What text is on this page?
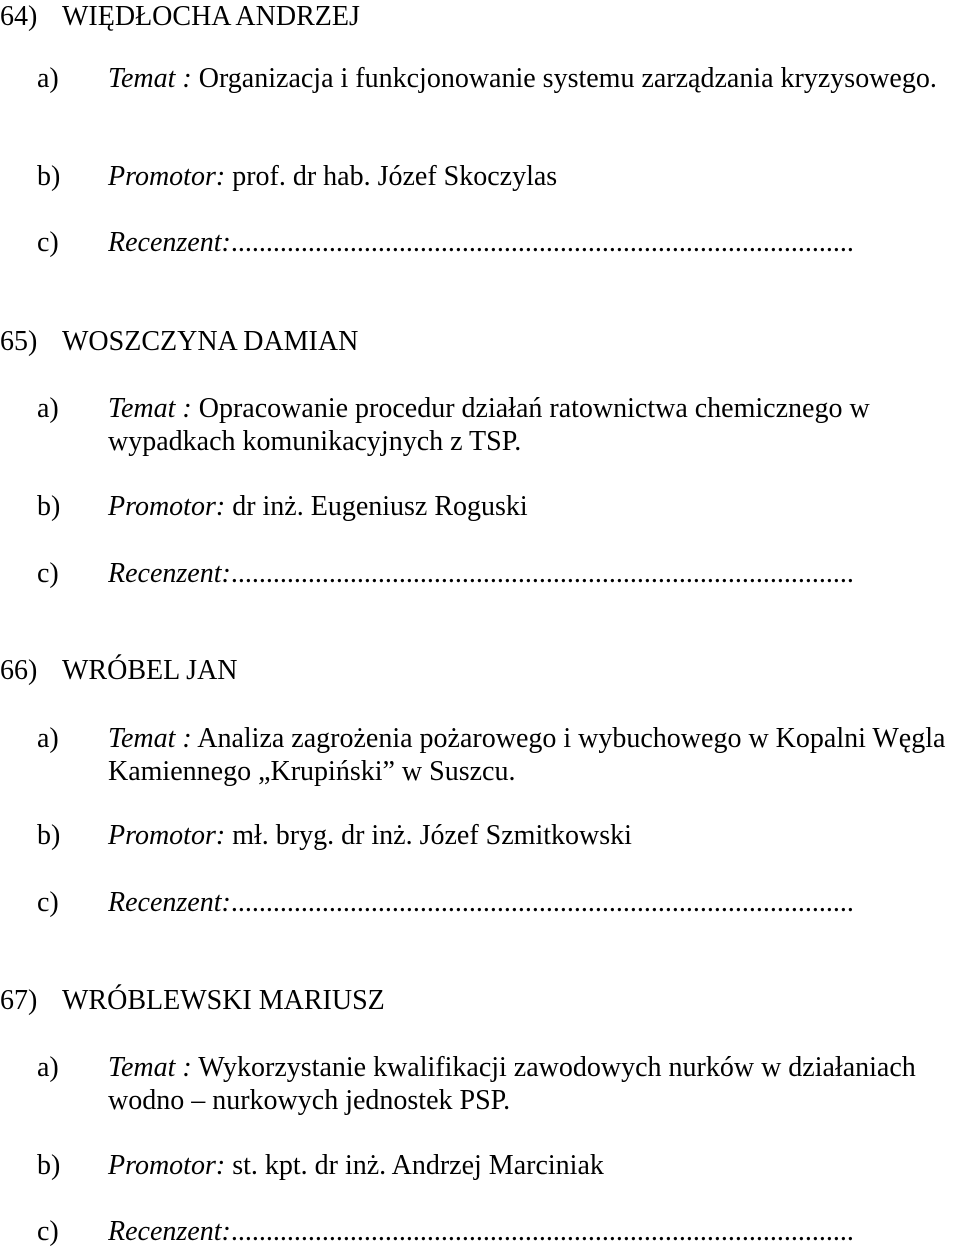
64) WIĘDŁOCHA ANDRZEJ
a) Temat : Organizacja i funkcjonowanie systemu zarządzania kryzysowego.
b) Promotor: prof. dr hab. Józef Skoczylas
c) Recenzent:.........................................................................................
65) WOSZCZYNA DAMIAN
a) Temat : Opracowanie procedur działań ratownictwa chemicznego w wypadkach komunikacyjnych z TSP.
b) Promotor: dr inż. Eugeniusz Roguski
c) Recenzent:.........................................................................................
66) WRÓBEL JAN
a) Temat : Analiza zagrożenia pożarowego i wybuchowego w Kopalni Węgla Kamiennego „Krupiński” w Suszcu.
b) Promotor: mł. bryg. dr inż. Józef Szmitkowski
c) Recenzent:.........................................................................................
67) WRÓBLEWSKI MARIUSZ
a) Temat : Wykorzystanie kwalifikacji zawodowych nurków w działaniach wodno – nurkowych jednostek PSP.
b) Promotor: st. kpt. dr inż. Andrzej Marciniak
c) Recenzent:.........................................................................................
